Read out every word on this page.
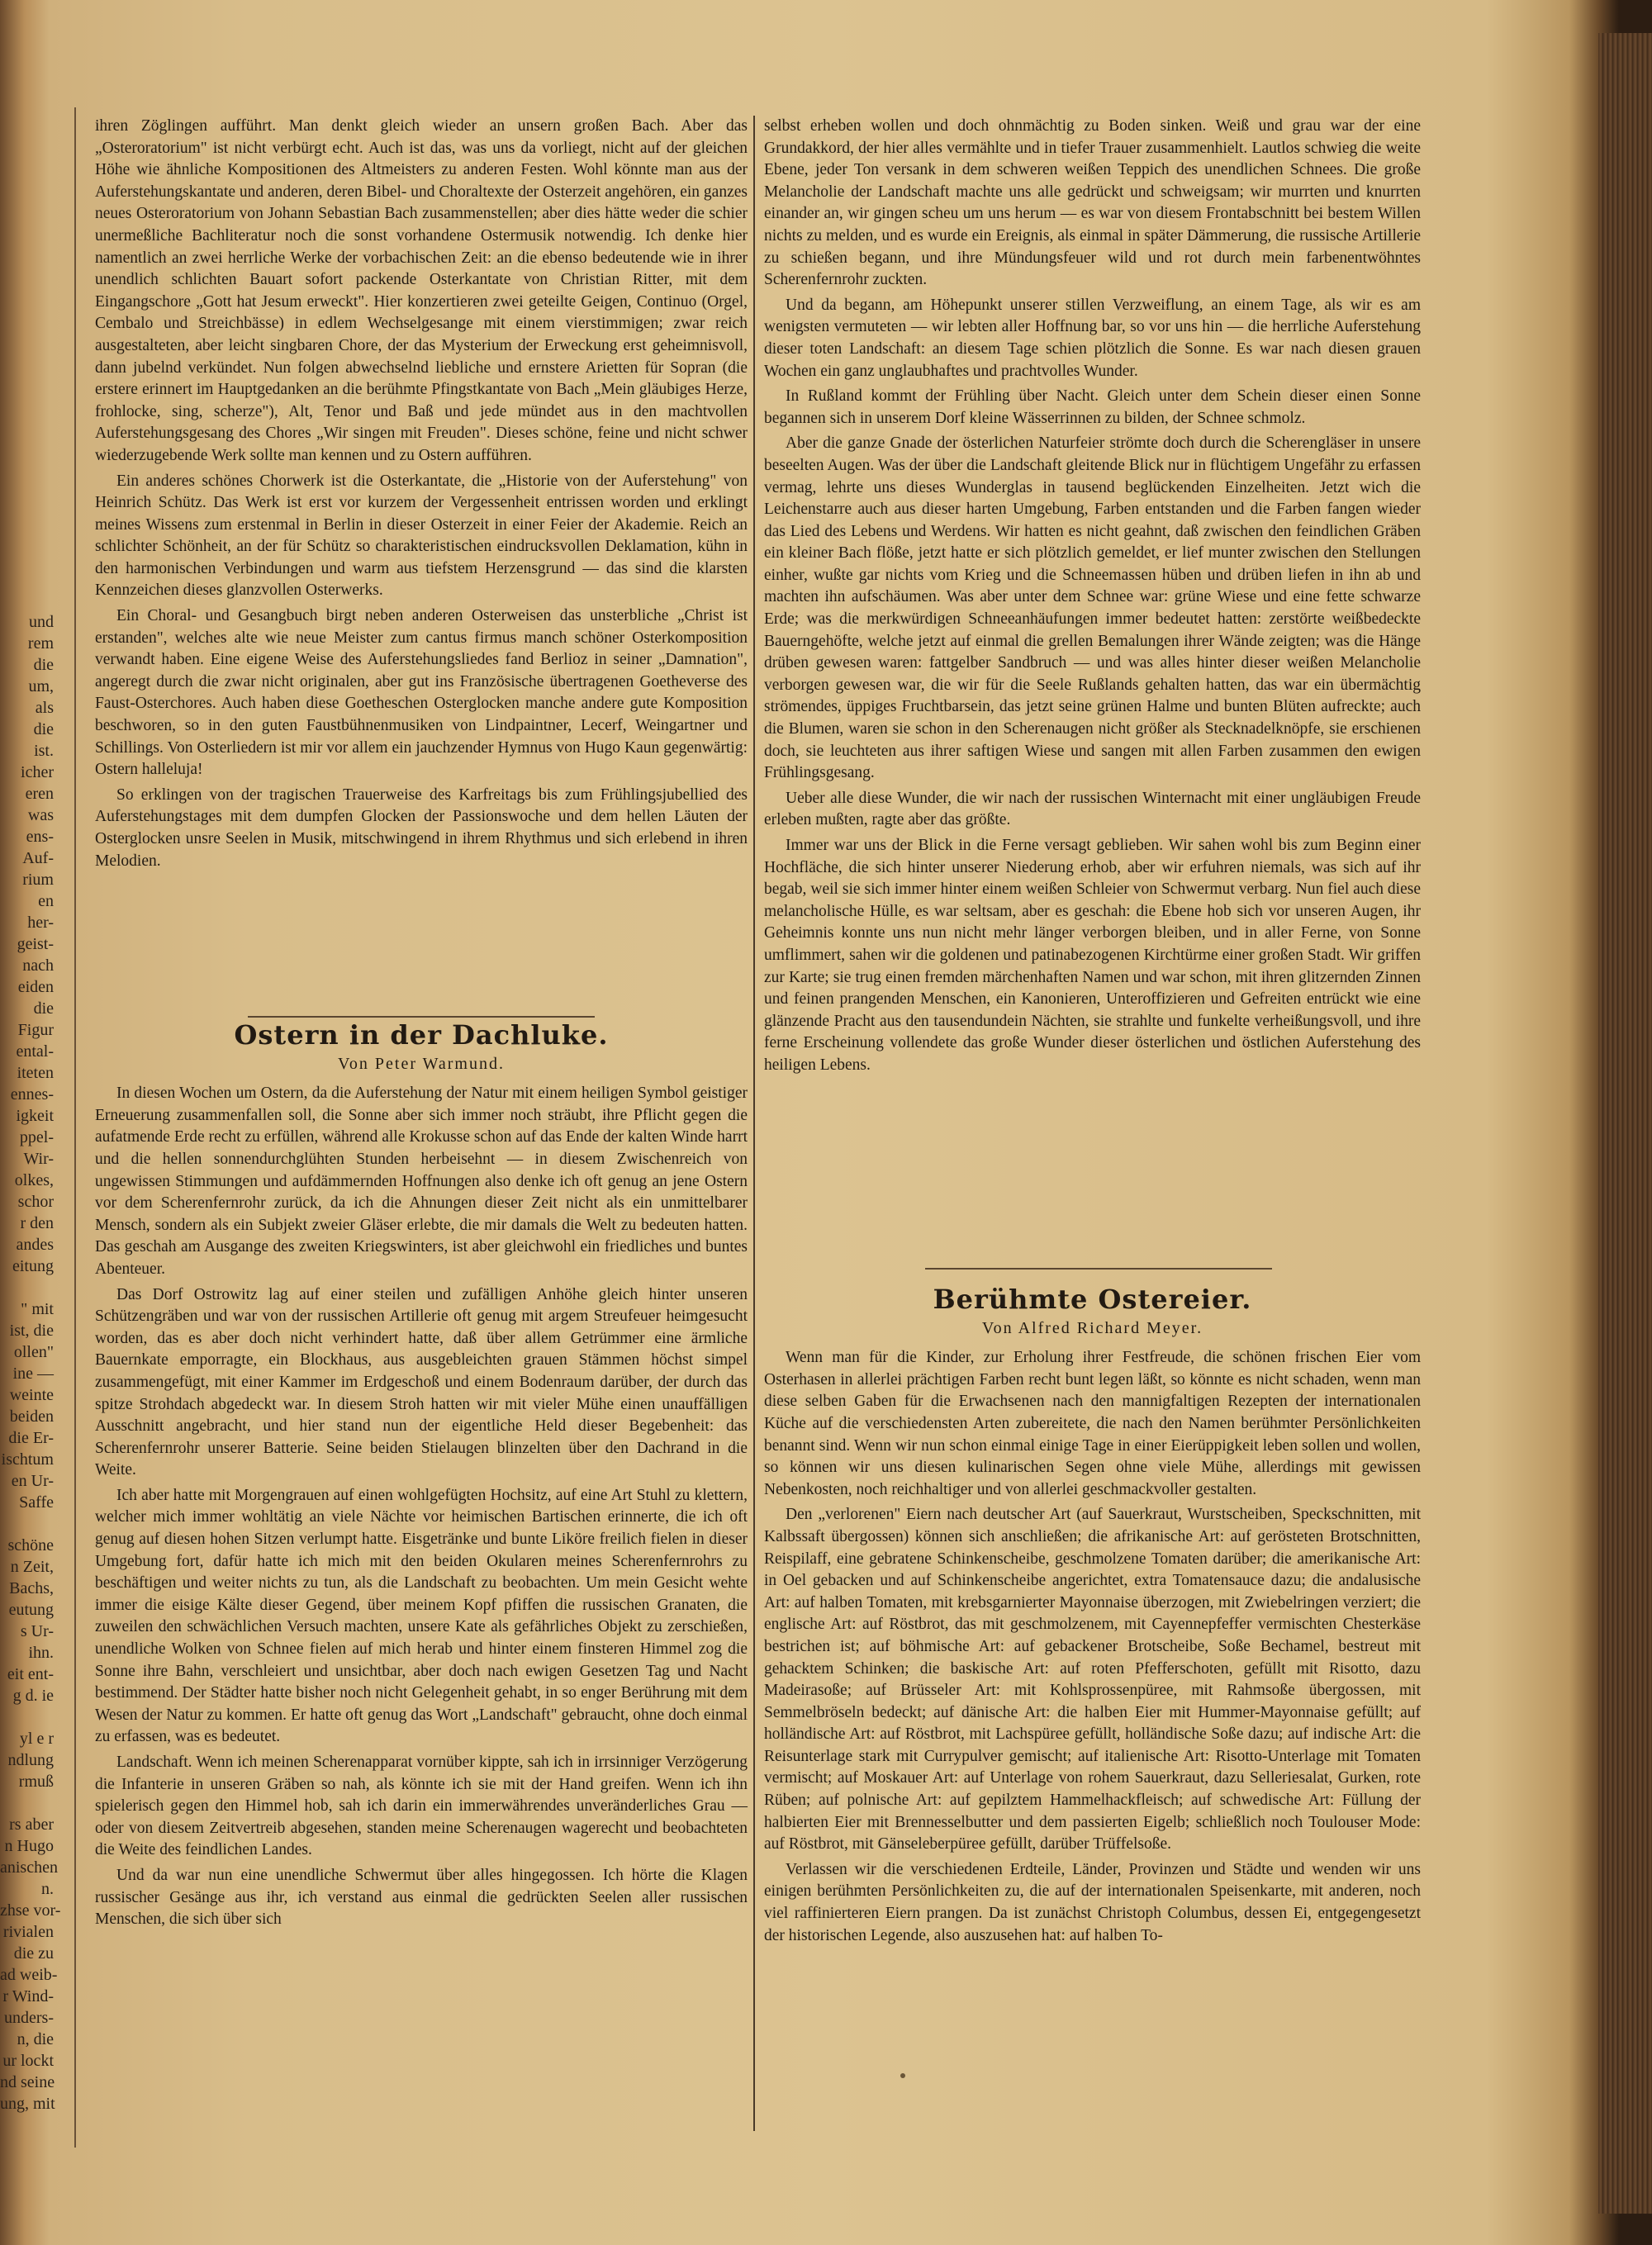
und
rem
die
um,
als
die
ist.
icher
eren
was
ens-
Auf-
rium
en
her-
geist-
nach
eiden
die
Figur
ental-
iteten
ennes-
igkeit
ppel-
Wir-
olkes,
schor
r den
andes
eitung

" mit
ist, die
ollen"
ine —
weinte
beiden
die Er-
ischtum
en Ur-
Saffe

schöne
n Zeit,
Bachs,
eutung
s Ur-
ihn.
eit ent-
g d. ie

yl e r
ndlung
rmuß

rs aber
n Hugo
anischen
n.
zhse vor-
rivialen
die zu
ad weib-
r Wind-
unders-
n, die
ur lockt
nd seine
ung, mit

ihren Zöglingen aufführt. Man denkt gleich wieder an unsern großen Bach. Aber das „Osteroratorium" ist nicht verbürgt echt. Auch ist das, was uns da vorliegt, nicht auf der gleichen Höhe wie ähnliche Kompositionen des Altmeisters zu anderen Festen. Wohl könnte man aus der Auferstehungskantate und anderen, deren Bibel- und Choraltexte der Osterzeit angehören, ein ganzes neues Osteroratorium von Johann Sebastian Bach zusammenstellen; aber dies hätte weder die schier unermeßliche Bachliteratur noch die sonst vorhandene Ostermusik notwendig. Ich denke hier namentlich an zwei herrliche Werke der vorbachischen Zeit: an die ebenso bedeutende wie in ihrer unendlich schlichten Bauart sofort packende Osterkantate von Christian Ritter, mit dem Eingangschore „Gott hat Jesum erweckt". Hier konzertieren zwei geteilte Geigen, Continuo (Orgel, Cembalo und Streichbässe) in edlem Wechselgesange mit einem vierstimmigen; zwar reich ausgestalteten, aber leicht singbaren Chore, der das Mysterium der Erweckung erst geheimnisvoll, dann jubelnd verkündet. Nun folgen abwechselnd liebliche und ernstere Arietten für Sopran (die erstere erinnert im Hauptgedanken an die berühmte Pfingstkantate von Bach „Mein gläubiges Herze, frohlocke, sing, scherze"), Alt, Tenor und Baß und jede mündet aus in den machtvollen Auferstehungsgesang des Chores „Wir singen mit Freuden". Dieses schöne, feine und nicht schwer wiederzugebende Werk sollte man kennen und zu Ostern aufführen.

Ein anderes schönes Chorwerk ist die Osterkantate, die „Historie von der Auferstehung" von Heinrich Schütz. Das Werk ist erst vor kurzem der Vergessenheit entrissen worden und erklingt meines Wissens zum erstenmal in Berlin in dieser Osterzeit in einer Feier der Akademie. Reich an schlichter Schönheit, an der für Schütz so charakteristischen eindrucksvollen Deklamation, kühn in den harmonischen Verbindungen und warm aus tiefstem Herzensgrund — das sind die klarsten Kennzeichen dieses glanzvollen Osterwerks.

Ein Choral- und Gesangbuch birgt neben anderen Osterweisen das unsterbliche „Christ ist erstanden", welches alte wie neue Meister zum cantus firmus manch schöner Osterkomposition verwandt haben. Eine eigene Weise des Auferstehungsliedes fand Berlioz in seiner „Damnation", angeregt durch die zwar nicht originalen, aber gut ins Französische übertragenen Goetheverse des Faust-Osterchores. Auch haben diese Goetheschen Osterglocken manche andere gute Komposition beschworen, so in den guten Faustbühnenmusiken von Lindpaintner, Lecerf, Weingartner und Schillings. Von Osterliedern ist mir vor allem ein jauchzender Hymnus von Hugo Kaun gegenwärtig: Ostern halleluja!

So erklingen von der tragischen Trauerweise des Karfreitags bis zum Frühlingsjubellied des Auferstehungstages mit dem dumpfen Glocken der Passionswoche und dem hellen Läuten der Osterglocken unsre Seelen in Musik, mitschwingend in ihrem Rhythmus und sich erlebend in ihren Melodien.

Ostern in der Dachluke.
Von Peter Warmund.

In diesen Wochen um Ostern, da die Auferstehung der Natur mit einem heiligen Symbol geistiger Erneuerung zusammenfallen soll, die Sonne aber sich immer noch sträubt, ihre Pflicht gegen die aufatmende Erde recht zu erfüllen, während alle Krokusse schon auf das Ende der kalten Winde harrt und die hellen sonnendurchglühten Stunden herbeisehnt — in diesem Zwischenreich von ungewissen Stimmungen und aufdämmernden Hoffnungen also denke ich oft genug an jene Ostern vor dem Scherenfernrohr zurück, da ich die Ahnungen dieser Zeit nicht als ein unmittelbarer Mensch, sondern als ein Subjekt zweier Gläser erlebte, die mir damals die Welt zu bedeuten hatten. Das geschah am Ausgange des zweiten Kriegswinters, ist aber gleichwohl ein friedliches und buntes Abenteuer.

Das Dorf Ostrowitz lag auf einer steilen und zufälligen Anhöhe gleich hinter unseren Schützengräben und war von der russischen Artillerie oft genug mit argem Streufeuer heimgesucht worden, das es aber doch nicht verhindert hatte, daß über allem Getrümmer eine ärmliche Bauernkate emporragte, ein Blockhaus, aus ausgebleichten grauen Stämmen höchst simpel zusammengefügt, mit einer Kammer im Erdgeschoß und einem Bodenraum darüber, der durch das spitze Strohdach abgedeckt war. In diesem Stroh hatten wir mit vieler Mühe einen unauffälligen Ausschnitt angebracht, und hier stand nun der eigentliche Held dieser Begebenheit: das Scherenfernrohr unserer Batterie. Seine beiden Stielaugen blinzelten über den Dachrand in die Weite.

Ich aber hatte mit Morgengrauen auf einen wohlgefügten Hochsitz, auf eine Art Stuhl zu klettern, welcher mich immer wohltätig an viele Nächte vor heimischen Bartischen erinnerte, die ich oft genug auf diesen hohen Sitzen verlumpt hatte. Eisgetränke und bunte Liköre freilich fielen in dieser Umgebung fort, dafür hatte ich mich mit den beiden Okularen meines Scherenfernrohrs zu beschäftigen und weiter nichts zu tun, als die Landschaft zu beobachten. Um mein Gesicht wehte immer die eisige Kälte dieser Gegend, über meinem Kopf pfiffen die russischen Granaten, die zuweilen den schwächlichen Versuch machten, unsere Kate als gefährliches Objekt zu zerschießen, unendliche Wolken von Schnee fielen auf mich herab und hinter einem finsteren Himmel zog die Sonne ihre Bahn, verschleiert und unsichtbar, aber doch nach ewigen Gesetzen Tag und Nacht bestimmend. Der Städter hatte bisher noch nicht Gelegenheit gehabt, in so enger Berührung mit dem Wesen der Natur zu kommen. Er hatte oft genug das Wort „Landschaft" gebraucht, ohne doch einmal zu erfassen, was es bedeutet.

Landschaft. Wenn ich meinen Scherenapparat vornüber kippte, sah ich in irrsinniger Verzögerung die Infanterie in unseren Gräben so nah, als könnte ich sie mit der Hand greifen. Wenn ich ihn spielerisch gegen den Himmel hob, sah ich darin ein immerwährendes unveränderliches Grau — oder von diesem Zeitvertreib abgesehen, standen meine Scherenaugen wagerecht und beobachteten die Weite des feindlichen Landes.

Und da war nun eine unendliche Schwermut über alles hingegossen. Ich hörte die Klagen russischer Gesänge aus ihr, ich verstand aus einmal die gedrückten Seelen aller russischen Menschen, die sich über sich

selbst erheben wollen und doch ohnmächtig zu Boden sinken. Weiß und grau war der eine Grundakkord, der hier alles vermählte und in tiefer Trauer zusammenhielt. Lautlos schwieg die weite Ebene, jeder Ton versank in dem schweren weißen Teppich des unendlichen Schnees. Die große Melancholie der Landschaft machte uns alle gedrückt und schweigsam; wir murrten und knurrten einander an, wir gingen scheu um uns herum — es war von diesem Frontabschnitt bei bestem Willen nichts zu melden, und es wurde ein Ereignis, als einmal in später Dämmerung, die russische Artillerie zu schießen begann, und ihre Mündungsfeuer wild und rot durch mein farbenentwöhntes Scherenfernrohr zuckten.

Und da begann, am Höhepunkt unserer stillen Verzweiflung, an einem Tage, als wir es am wenigsten vermuteten — wir lebten aller Hoffnung bar, so vor uns hin — die herrliche Auferstehung dieser toten Landschaft: an diesem Tage schien plötzlich die Sonne. Es war nach diesen grauen Wochen ein ganz unglaubhaftes und prachtvolles Wunder.

In Rußland kommt der Frühling über Nacht. Gleich unter dem Schein dieser einen Sonne begannen sich in unserem Dorf kleine Wässerrinnen zu bilden, der Schnee schmolz.

Aber die ganze Gnade der österlichen Naturfeier strömte doch durch die Scherengläser in unsere beseelten Augen. Was der über die Landschaft gleitende Blick nur in flüchtigem Ungefähr zu erfassen vermag, lehrte uns dieses Wunderglas in tausend beglückenden Einzelheiten. Jetzt wich die Leichenstarre auch aus dieser harten Umgebung, Farben entstanden und die Farben fangen wieder das Lied des Lebens und Werdens. Wir hatten es nicht geahnt, daß zwischen den feindlichen Gräben ein kleiner Bach flöße, jetzt hatte er sich plötzlich gemeldet, er lief munter zwischen den Stellungen einher, wußte gar nichts vom Krieg und die Schneemassen hüben und drüben liefen in ihn ab und machten ihn aufschäumen. Was aber unter dem Schnee war: grüne Wiese und eine fette schwarze Erde; was die merkwürdigen Schneeanhäufungen immer bedeutet hatten: zerstörte weißbedeckte Bauerngehöfte, welche jetzt auf einmal die grellen Bemalungen ihrer Wände zeigten; was die Hänge drüben gewesen waren: fattgelber Sandbruch — und was alles hinter dieser weißen Melancholie verborgen gewesen war, die wir für die Seele Rußlands gehalten hatten, das war ein übermächtig strömendes, üppiges Fruchtbarsein, das jetzt seine grünen Halme und bunten Blüten aufreckte; auch die Blumen, waren sie schon in den Scherenaugen nicht größer als Stecknadelknöpfe, sie erschienen doch, sie leuchteten aus ihrer saftigen Wiese und sangen mit allen Farben zusammen den ewigen Frühlingsgesang.

Ueber alle diese Wunder, die wir nach der russischen Winternacht mit einer ungläubigen Freude erleben mußten, ragte aber das größte.

Immer war uns der Blick in die Ferne versagt geblieben. Wir sahen wohl bis zum Beginn einer Hochfläche, die sich hinter unserer Niederung erhob, aber wir erfuhren niemals, was sich auf ihr begab, weil sie sich immer hinter einem weißen Schleier von Schwermut verbarg. Nun fiel auch diese melancholische Hülle, es war seltsam, aber es geschah: die Ebene hob sich vor unseren Augen, ihr Geheimnis konnte uns nun nicht mehr länger verborgen bleiben, und in aller Ferne, von Sonne umflimmert, sahen wir die goldenen und patinabezogenen Kirchtürme einer großen Stadt. Wir griffen zur Karte; sie trug einen fremden märchenhaften Namen und war schon, mit ihren glitzernden Zinnen und feinen prangenden Menschen, ein Kanonieren, Unteroffizieren und Gefreiten entrückt wie eine glänzende Pracht aus den tausendundein Nächten, sie strahlte und funkelte verheißungsvoll, und ihre ferne Erscheinung vollendete das große Wunder dieser österlichen und östlichen Auferstehung des heiligen Lebens.

Berühmte Ostereier.
Von Alfred Richard Meyer.

Wenn man für die Kinder, zur Erholung ihrer Festfreude, die schönen frischen Eier vom Osterhasen in allerlei prächtigen Farben recht bunt legen läßt, so könnte es nicht schaden, wenn man diese selben Gaben für die Erwachsenen nach den mannigfaltigen Rezepten der internationalen Küche auf die verschiedensten Arten zubereitete, die nach den Namen berühmter Persönlichkeiten benannt sind. Wenn wir nun schon einmal einige Tage in einer Eierüppigkeit leben sollen und wollen, so können wir uns diesen kulinarischen Segen ohne viele Mühe, allerdings mit gewissen Nebenkosten, noch reichhaltiger und von allerlei geschmackvoller gestalten.

Den „verlorenen" Eiern nach deutscher Art (auf Sauerkraut, Wurstscheiben, Speckschnitten, mit Kalbssaft übergossen) können sich anschließen; die afrikanische Art: auf gerösteten Brotschnitten, Reispilaff, eine gebratene Schinkenscheibe, geschmolzene Tomaten darüber; die amerikanische Art: in Oel gebacken und auf Schinkenscheibe angerichtet, extra Tomatensauce dazu; die andalusische Art: auf halben Tomaten, mit krebsgarnierter Mayonnaise überzogen, mit Zwiebelringen verziert; die englische Art: auf Röstbrot, das mit geschmolzenem, mit Cayennepfeffer vermischten Chesterkäse bestrichen ist; auf böhmische Art: auf gebackener Brotscheibe, Soße Bechamel, bestreut mit gehacktem Schinken; die baskische Art: auf roten Pfefferschoten, gefüllt mit Risotto, dazu Madeirasoße; auf Brüsseler Art: mit Kohlsprossenpüree, mit Rahmsoße übergossen, mit Semmelbröseln bedeckt; auf dänische Art: die halben Eier mit Hummer-Mayonnaise gefüllt; auf holländische Art: auf Röstbrot, mit Lachspüree gefüllt, holländische Soße dazu; auf indische Art: die Reisunterlage stark mit Currypulver gemischt; auf italienische Art: Risotto-Unterlage mit Tomaten vermischt; auf Moskauer Art: auf Unterlage von rohem Sauerkraut, dazu Selleriesalat, Gurken, rote Rüben; auf polnische Art: auf gepilztem Hammelhackfleisch; auf schwedische Art: Füllung der halbierten Eier mit Brennesselbutter und dem passierten Eigelb; schließlich noch Toulouser Mode: auf Röstbrot, mit Gänseleberpüree gefüllt, darüber Trüffelsoße.

Verlassen wir die verschiedenen Erdteile, Länder, Provinzen und Städte und wenden wir uns einigen berühmten Persönlichkeiten zu, die auf der internationalen Speisenkarte, mit anderen, noch viel raffinierteren Eiern prangen. Da ist zunächst Christoph Columbus, dessen Ei, entgegengesetzt der historischen Legende, also auszusehen hat: auf halben To-
